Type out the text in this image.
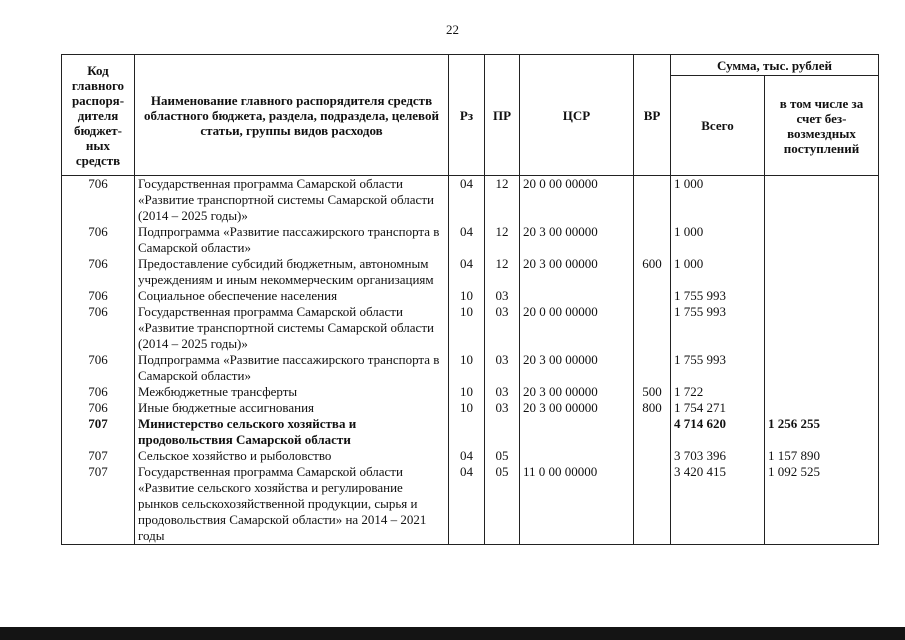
22
Код главного распоря-дителя бюджет-ных средств	Наименование главного распорядителя средств областного бюджета, раздела, подраздела, целевой статьи, группы видов расходов	Рз	ПР	ЦСР	ВР	Сумма, тыс. рублей	
						Всего	в том числе за счет без-возмездных поступлений
706	Государственная программа Самарской области «Развитие транспортной системы Самарской области (2014 – 2025 годы)»	04	12	20 0 00 00000		1 000	
706	Подпрограмма «Развитие пассажирского транспорта в Самарской области»	04	12	20 3 00 00000		1 000	
706	Предоставление субсидий бюджетным, автономным учреждениям и иным некоммерческим организациям	04	12	20 3 00 00000	600	1 000	
706	Социальное обеспечение населения	10	03			1 755 993	
706	Государственная программа Самарской области «Развитие транспортной системы Самарской области (2014 – 2025 годы)»	10	03	20 0 00 00000		1 755 993	
706	Подпрограмма «Развитие пассажирского транспорта в Самарской области»	10	03	20 3 00 00000		1 755 993	
706	Межбюджетные трансферты	10	03	20 3 00 00000	500	1 722	
706	Иные бюджетные ассигнования	10	03	20 3 00 00000	800	1 754 271	
707	Министерство сельского хозяйства и продовольствия Самарской области					4 714 620	1 256 255
707	Сельское хозяйство и рыболовство	04	05			3 703 396	1 157 890
707	Государственная программа Самарской области «Развитие сельского хозяйства и регулирование рынков сельскохозяйственной продукции, сырья и продовольствия Самарской области» на 2014 – 2021 годы	04	05	11 0 00 00000		3 420 415	1 092 525
